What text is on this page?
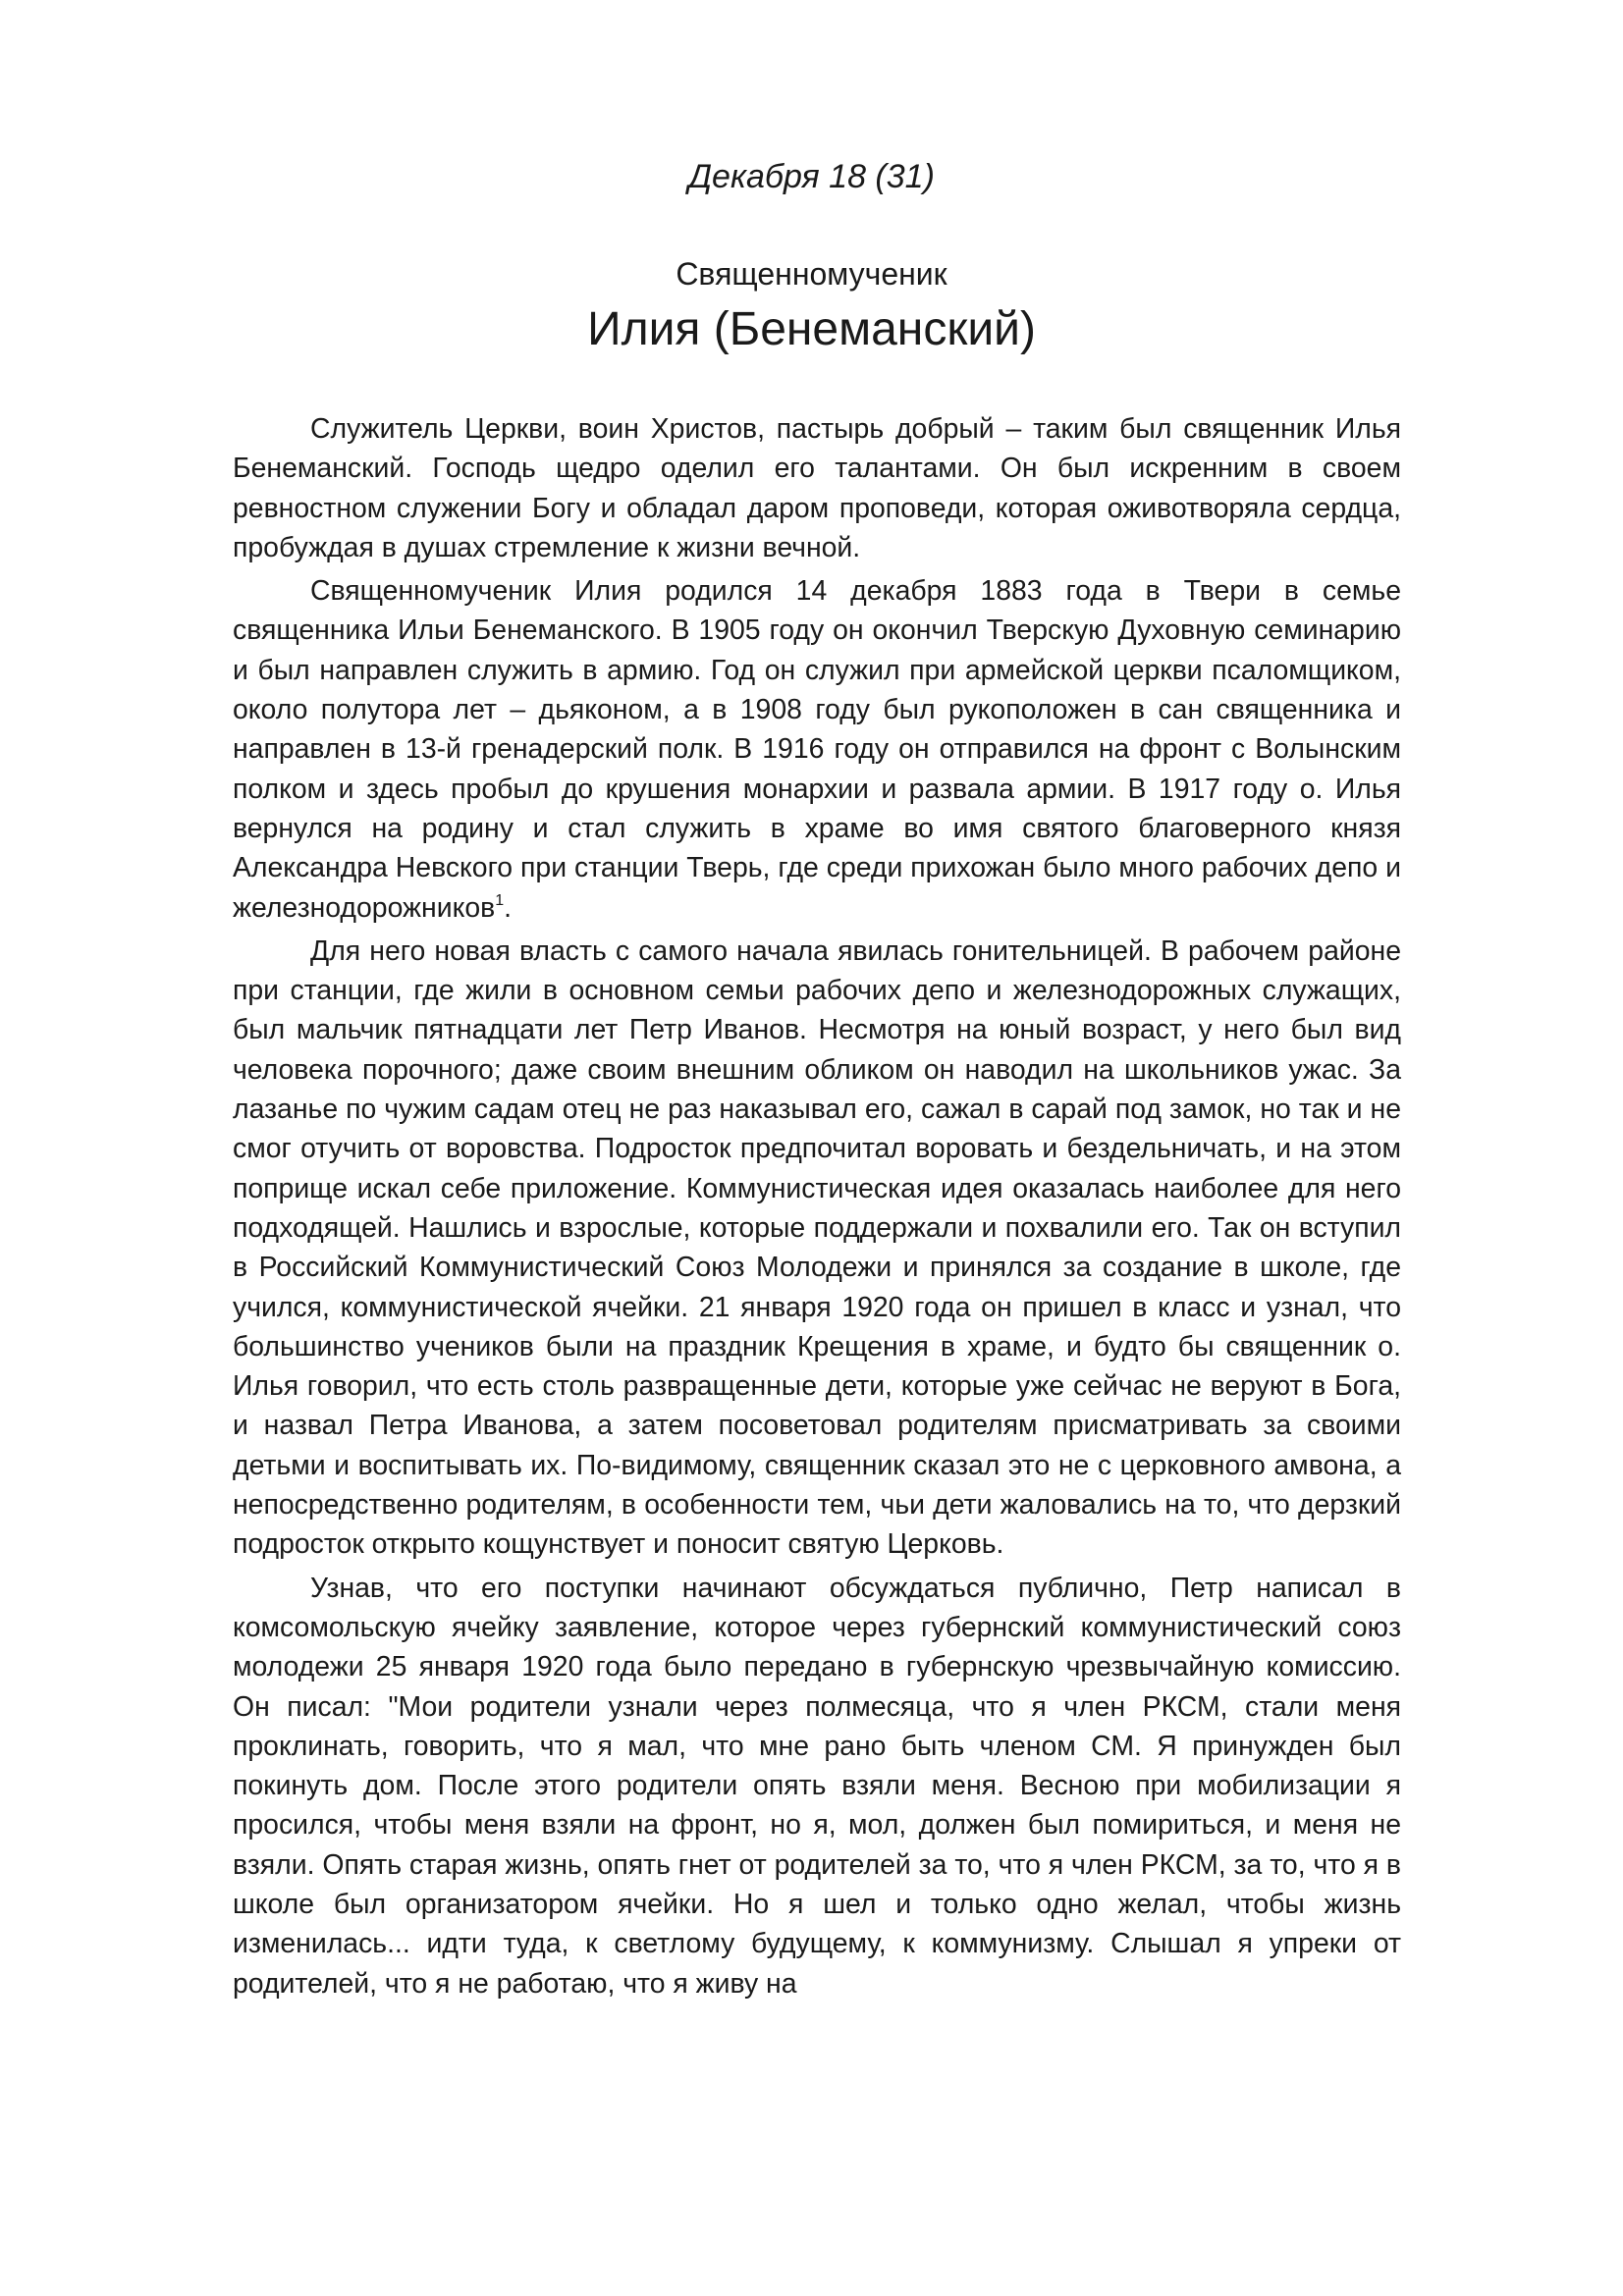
Декабря 18 (31)
Священномученик
Илия (Бенеманский)

Служитель Церкви, воин Христов, пастырь добрый – таким был священник Илья Бенеманский. Господь щедро оделил его талантами. Он был искренним в своем ревностном служении Богу и обладал даром проповеди, которая оживотворяла сердца, пробуждая в душах стремление к жизни вечной.

Священномученик Илия родился 14 декабря 1883 года в Твери в семье священника Ильи Бенеманского. В 1905 году он окончил Тверскую Духовную семинарию и был направлен служить в армию. Год он служил при армейской церкви псаломщиком, около полутора лет – дьяконом, а в 1908 году был рукоположен в сан священника и направлен в 13-й гренадерский полк. В 1916 году он отправился на фронт с Волынским полком и здесь пробыл до крушения монархии и развала армии. В 1917 году о. Илья вернулся на родину и стал служить в храме во имя святого благоверного князя Александра Невского при станции Тверь, где среди прихожан было много рабочих депо и железнодорожников$^1$.

Для него новая власть с самого начала явилась гонительницей. В рабочем районе при станции, где жили в основном семьи рабочих депо и железнодорожных служащих, был мальчик пятнадцати лет Петр Иванов. Несмотря на юный возраст, у него был вид человека порочного; даже своим внешним обликом он наводил на школьников ужас. За лазанье по чужим садам отец не раз наказывал его, сажал в сарай под замок, но так и не смог отучить от воровства. Подросток предпочитал воровать и бездельничать, и на этом поприще искал себе приложение. Коммунистическая идея оказалась наиболее для него подходящей. Нашлись и взрослые, которые поддержали и похвалили его. Так он вступил в Российский Коммунистический Союз Молодежи и принялся за создание в школе, где учился, коммунистической ячейки. 21 января 1920 года он пришел в класс и узнал, что большинство учеников были на праздник Крещения в храме, и будто бы священник о. Илья говорил, что есть столь развращенные дети, которые уже сейчас не веруют в Бога, и назвал Петра Иванова, а затем посоветовал родителям присматривать за своими детьми и воспитывать их. По-видимому, священник сказал это не с церковного амвона, а непосредственно родителям, в особенности тем, чьи дети жаловались на то, что дерзкий подросток открыто кощунствует и поносит святую Церковь.

Узнав, что его поступки начинают обсуждаться публично, Петр написал в комсомольскую ячейку заявление, которое через губернский коммунистический союз молодежи 25 января 1920 года было передано в губернскую чрезвычайную комиссию. Он писал: "Мои родители узнали через полмесяца, что я член РКСМ, стали меня проклинать, говорить, что я мал, что мне рано быть членом СМ. Я принужден был покинуть дом. После этого родители опять взяли меня. Весною при мобилизации я просился, чтобы меня взяли на фронт, но я, мол, должен был помириться, и меня не взяли. Опять старая жизнь, опять гнет от родителей за то, что я член РКСМ, за то, что я в школе был организатором ячейки. Но я шел и только одно желал, чтобы жизнь изменилась... идти туда, к светлому будущему, к коммунизму. Слышал я упреки от родителей, что я не работаю, что я живу на
